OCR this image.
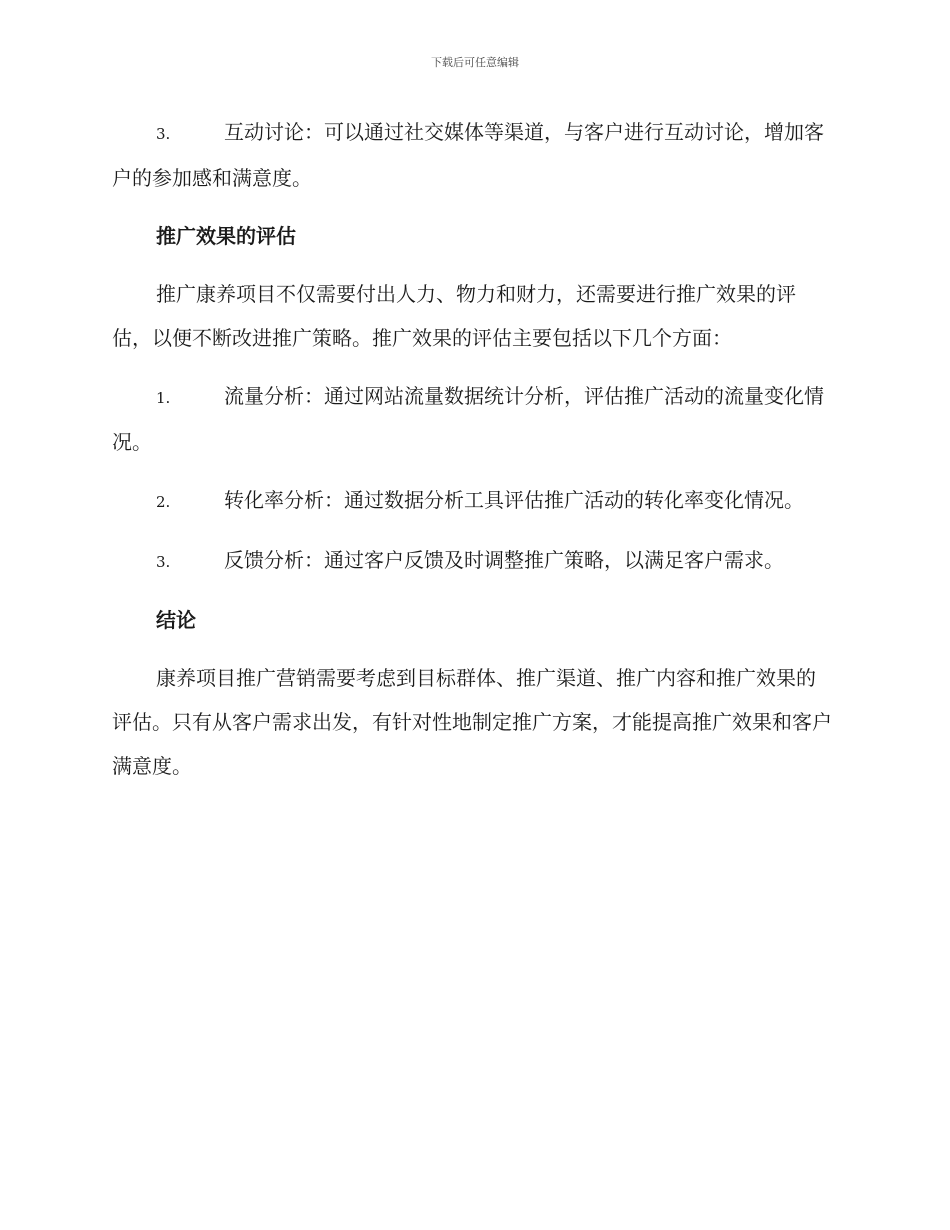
下载后可任意编辑

3.	互动讨论：可以通过社交媒体等渠道，与客户进行互动讨论，增加客户的参加感和满意度。

推广效果的评估

推广康养项目不仅需要付出人力、物力和财力，还需要进行推广效果的评估，以便不断改进推广策略。推广效果的评估主要包括以下几个方面：

1.	流量分析：通过网站流量数据统计分析，评估推广活动的流量变化情况。

2.	转化率分析：通过数据分析工具评估推广活动的转化率变化情况。

3.	反馈分析：通过客户反馈及时调整推广策略，以满足客户需求。

结论

康养项目推广营销需要考虑到目标群体、推广渠道、推广内容和推广效果的评估。只有从客户需求出发，有针对性地制定推广方案，才能提高推广效果和客户满意度。
